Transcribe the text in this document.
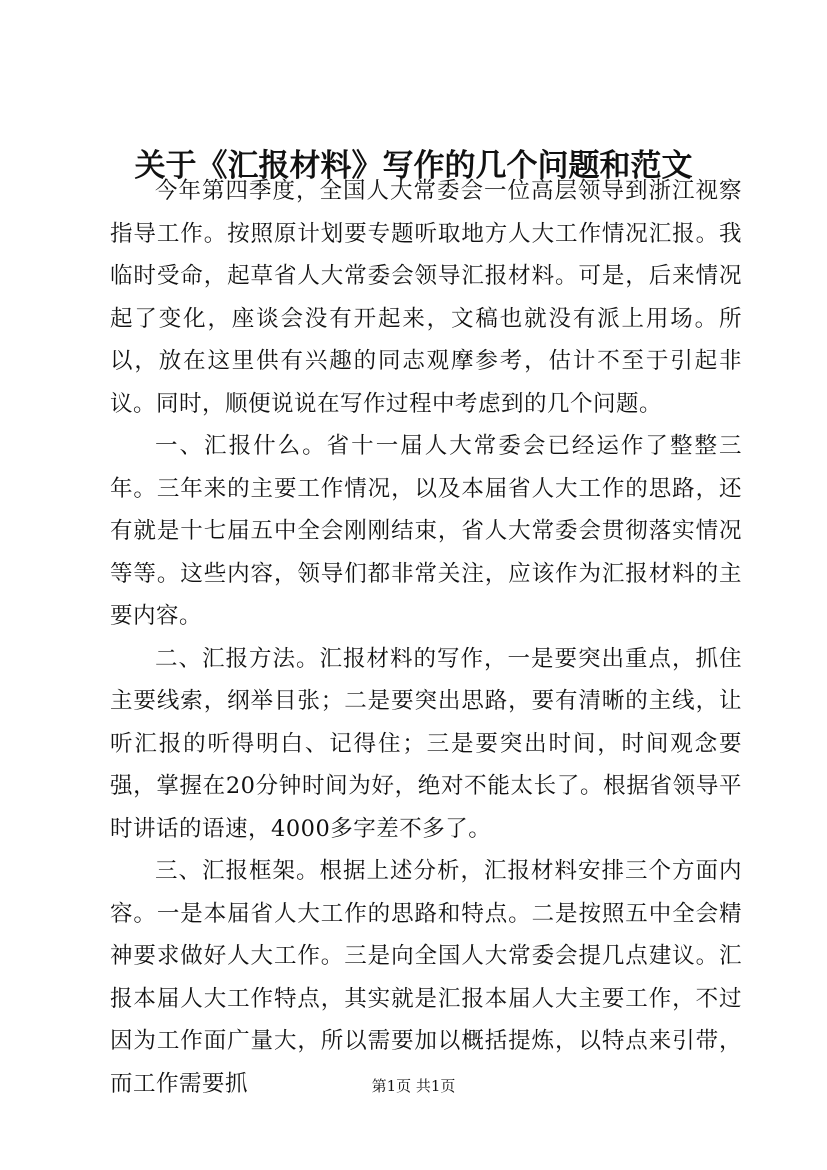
关于《汇报材料》写作的几个问题和范文

今年第四季度，全国人大常委会一位高层领导到浙江视察指导工作。按照原计划要专题听取地方人大工作情况汇报。我临时受命，起草省人大常委会领导汇报材料。可是，后来情况起了变化，座谈会没有开起来，文稿也就没有派上用场。所以，放在这里供有兴趣的同志观摩参考，估计不至于引起非议。同时，顺便说说在写作过程中考虑到的几个问题。

一、汇报什么。省十一届人大常委会已经运作了整整三年。三年来的主要工作情况，以及本届省人大工作的思路，还有就是十七届五中全会刚刚结束，省人大常委会贯彻落实情况等等。这些内容，领导们都非常关注，应该作为汇报材料的主要内容。

二、汇报方法。汇报材料的写作，一是要突出重点，抓住主要线索，纲举目张；二是要突出思路，要有清晰的主线，让听汇报的听得明白、记得住；三是要突出时间，时间观念要强，掌握在20分钟时间为好，绝对不能太长了。根据省领导平时讲话的语速，4000多字差不多了。

三、汇报框架。根据上述分析，汇报材料安排三个方面内容。一是本届省人大工作的思路和特点。二是按照五中全会精神要求做好人大工作。三是向全国人大常委会提几点建议。汇报本届人大工作特点，其实就是汇报本届人大主要工作，不过因为工作面广量大，所以需要加以概括提炼，以特点来引带，而工作需要抓	第1页 共1页
